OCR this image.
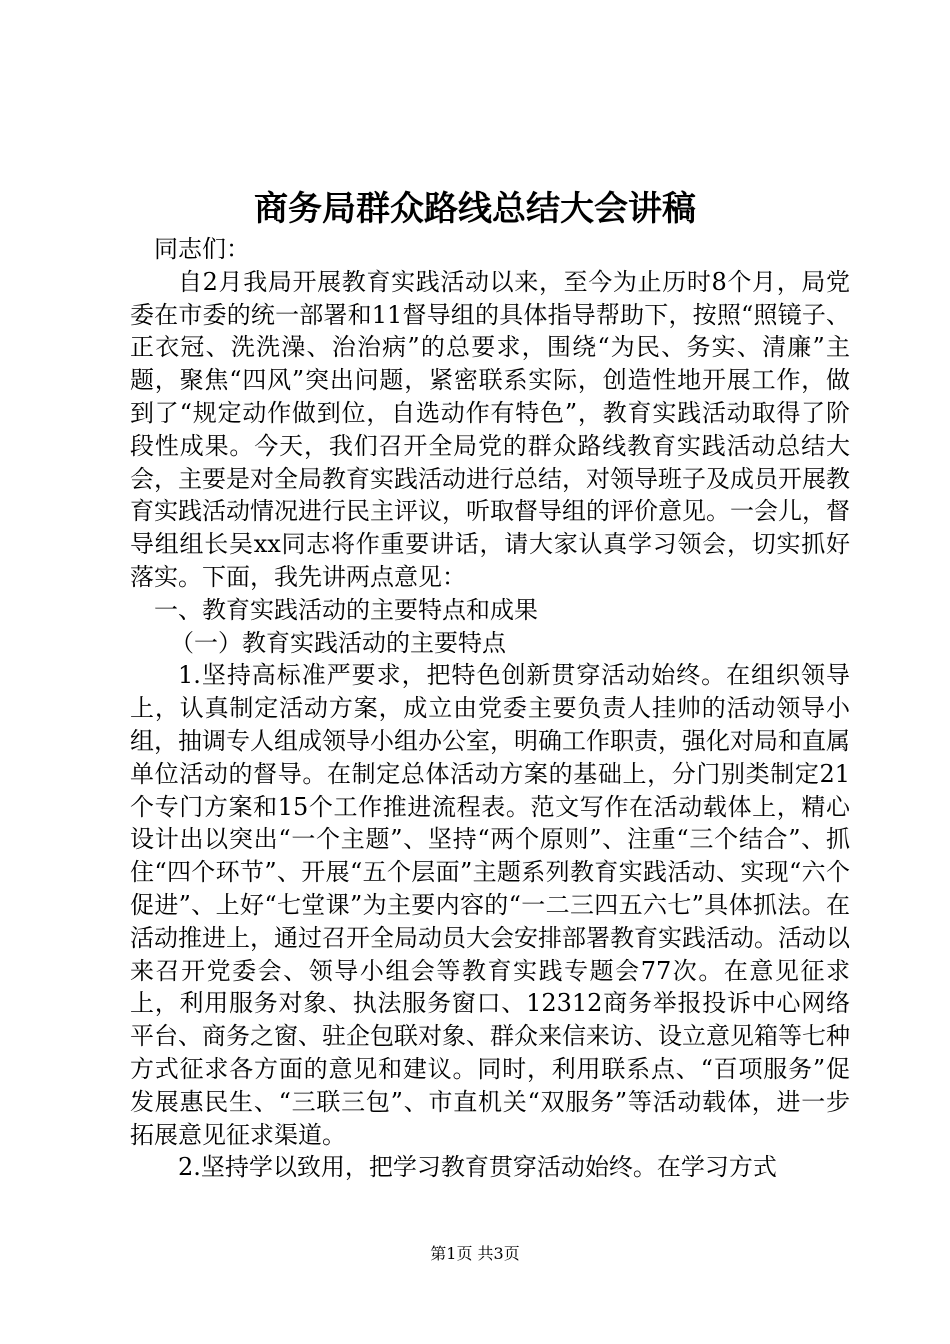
商务局群众路线总结大会讲稿

同志们：

自2月我局开展教育实践活动以来，至今为止历时8个月，局党委在市委的统一部署和11督导组的具体指导帮助下，按照“照镜子、正衣冠、洗洗澡、治治病”的总要求，围绕“为民、务实、清廉”主题，聚焦“四风”突出问题，紧密联系实际，创造性地开展工作，做到了“规定动作做到位，自选动作有特色”，教育实践活动取得了阶段性成果。今天，我们召开全局党的群众路线教育实践活动总结大会，主要是对全局教育实践活动进行总结，对领导班子及成员开展教育实践活动情况进行民主评议，听取督导组的评价意见。一会儿，督导组组长吴xx同志将作重要讲话，请大家认真学习领会，切实抓好落实。下面，我先讲两点意见：

一、教育实践活动的主要特点和成果

（一）教育实践活动的主要特点

1.坚持高标准严要求，把特色创新贯穿活动始终。在组织领导上，认真制定活动方案，成立由党委主要负责人挂帅的活动领导小组，抽调专人组成领导小组办公室，明确工作职责，强化对局和直属单位活动的督导。在制定总体活动方案的基础上，分门别类制定21个专门方案和15个工作推进流程表。范文写作在活动载体上，精心设计出以突出“一个主题”、坚持“两个原则”、注重“三个结合”、抓住“四个环节”、开展“五个层面”主题系列教育实践活动、实现“六个促进”、上好“七堂课”为主要内容的“一二三四五六七”具体抓法。在活动推进上，通过召开全局动员大会安排部署教育实践活动。活动以来召开党委会、领导小组会等教育实践专题会77次。在意见征求上，利用服务对象、执法服务窗口、12312商务举报投诉中心网络平台、商务之窗、驻企包联对象、群众来信来访、设立意见箱等七种方式征求各方面的意见和建议。同时，利用联系点、“百项服务”促发展惠民生、“三联三包”、市直机关“双服务”等活动载体，进一步拓展意见征求渠道。

2.坚持学以致用，把学习教育贯穿活动始终。在学习方式

第1页 共3页
